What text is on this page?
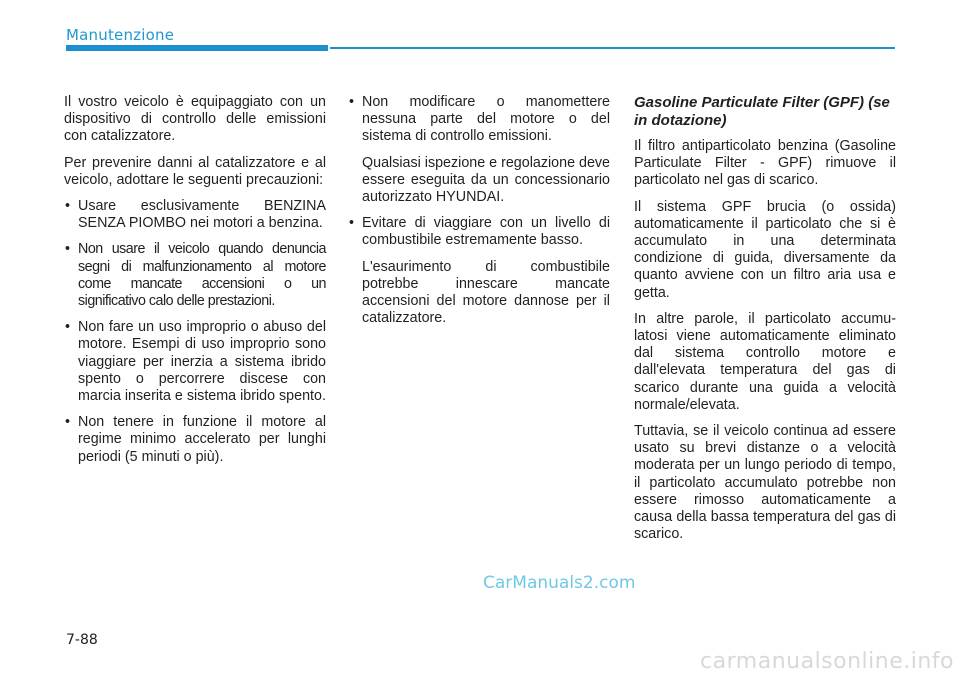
Manutenzione

Il vostro veicolo è equipaggiato con un dispositivo di controllo delle emissioni con catalizzatore.

Per prevenire danni al catalizzatore e al veicolo, adottare le seguenti precauzioni:

• Usare esclusivamente BENZINA SENZA PIOMBO nei motori a benzina.
• Non usare il veicolo quando denuncia segni di malfunzionamento al motore come mancate accensioni o un significativo calo delle prestazioni.
• Non fare un uso improprio o abuso del motore. Esempi di uso improprio sono viaggiare per inerzia a sistema ibrido spento o percorrere discese con marcia inserita e sistema ibrido spento.
• Non tenere in funzione il motore al regime minimo accelerato per lunghi periodi (5 minuti o più).
• Non modificare o manomettere nessuna parte del motore o del sistema di controllo emissioni.
Qualsiasi ispezione e regolazione deve essere eseguita da un concessionario autorizzato HYUNDAI.
• Evitare di viaggiare con un livello di combustibile estremamente basso.
L'esaurimento di combustibile potrebbe innescare mancate accensioni del motore dannose per il catalizzatore.
Gasoline Particulate Filter (GPF) (se in dotazione)

Il filtro antiparticolato benzina (Gasoline Particulate Filter - GPF) rimuove il particolato nel gas di scarico.

Il sistema GPF brucia (o ossida) automaticamente il particolato che si è accumulato in una determinata condizione di guida, diversamente da quanto avviene con un filtro aria usa e getta.

In altre parole, il particolato accumu-latosi viene automaticamente eliminato dal sistema controllo motore e dall'elevata temperatura del gas di scarico durante una guida a velocità normale/elevata.

Tuttavia, se il veicolo continua ad essere usato su brevi distanze o a velocità moderata per un lungo periodo di tempo, il particolato accumulato potrebbe non essere rimosso automaticamente a causa della bassa temperatura del gas di scarico.

CarManuals2.com
7-88
carmanualsonline.info
